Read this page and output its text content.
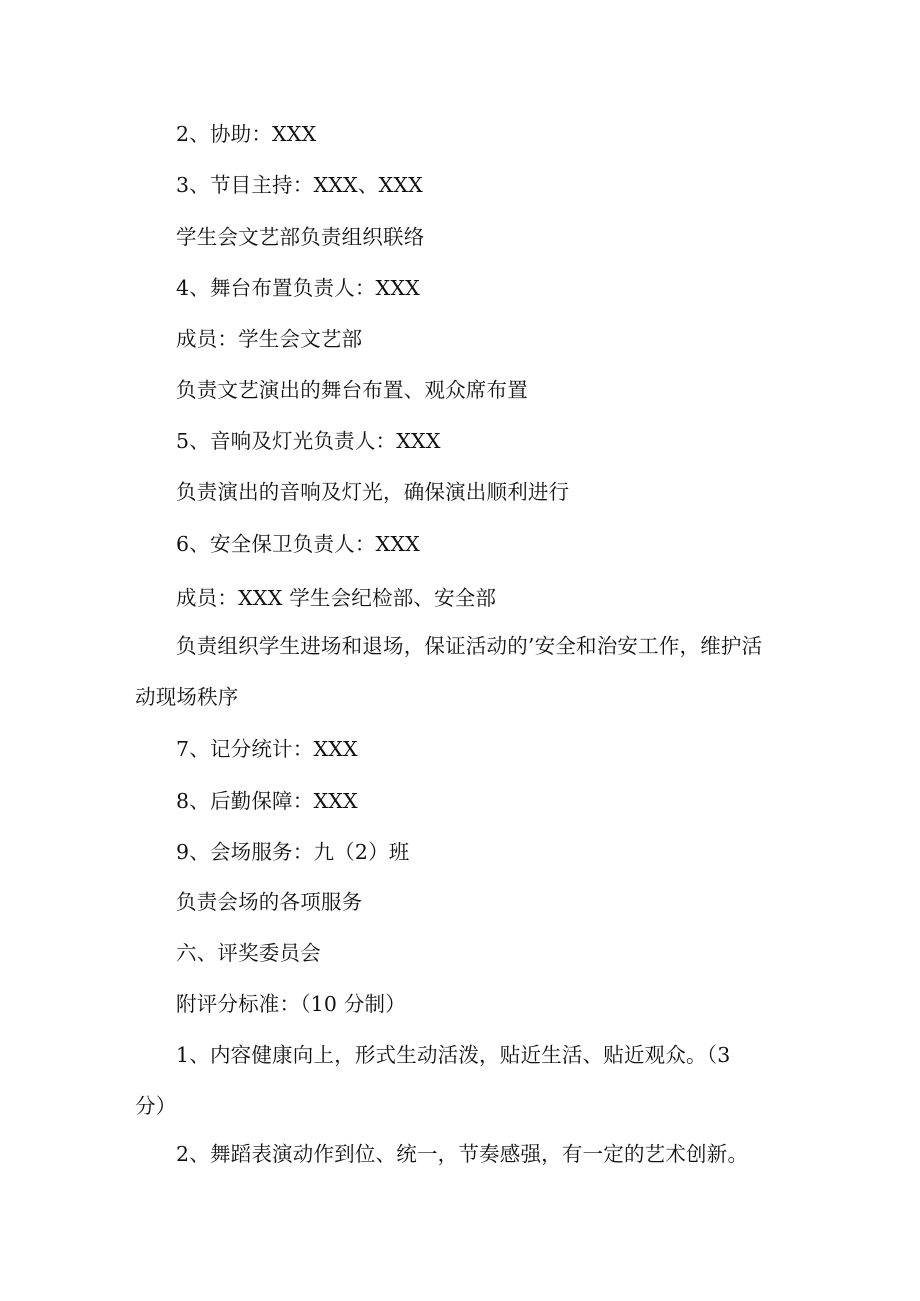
2、协助：XXX
3、节目主持：XXX、XXX
学生会文艺部负责组织联络
4、舞台布置负责人：XXX
成员：学生会文艺部
负责文艺演出的舞台布置、观众席布置
5、音响及灯光负责人：XXX
负责演出的音响及灯光，确保演出顺利进行
6、安全保卫负责人：XXX
成员：XXX 学生会纪检部、安全部
负责组织学生进场和退场，保证活动的’安全和治安工作，维护活
动现场秩序
7、记分统计：XXX
8、后勤保障：XXX
9、会场服务：九（2）班
负责会场的各项服务
六、评奖委员会
附评分标准：（10 分制）
1、内容健康向上，形式生动活泼，贴近生活、贴近观众。（3
分）
2、舞蹈表演动作到位、统一，节奏感强，有一定的艺术创新。
